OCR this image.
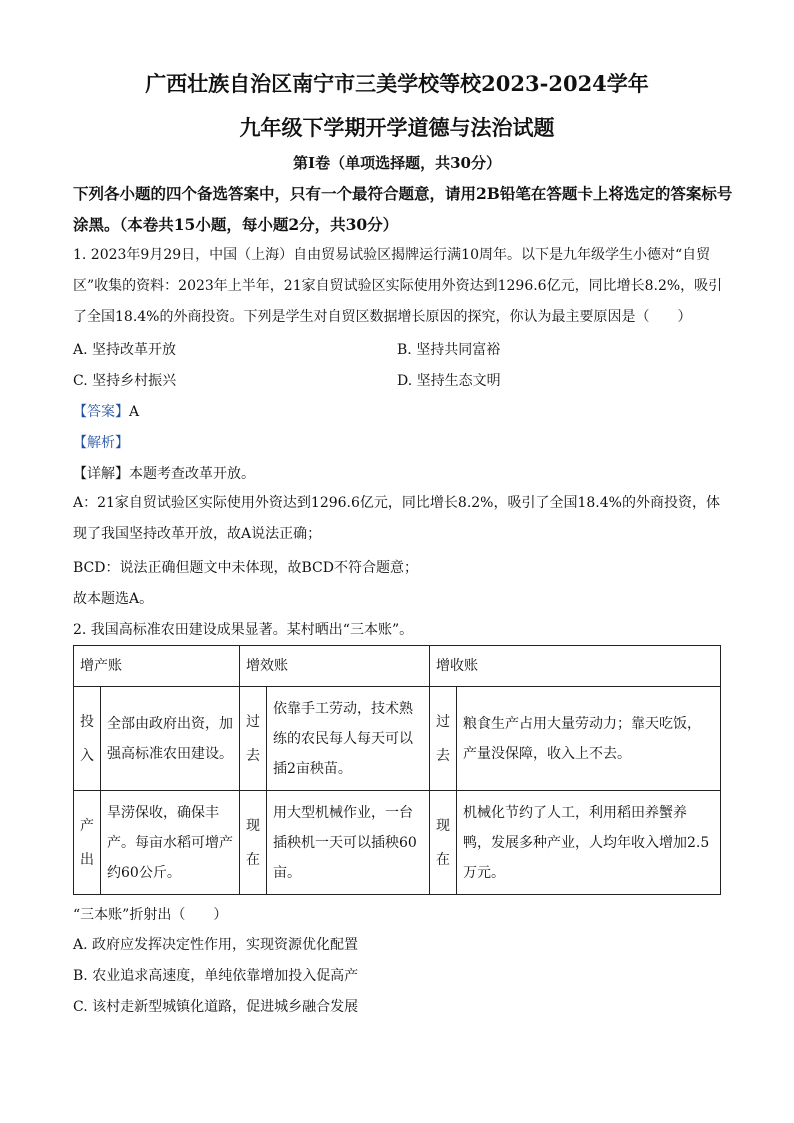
广西壮族自治区南宁市三美学校等校2023-2024学年
九年级下学期开学道德与法治试题
第Ⅰ卷（单项选择题，共30分）
下列各小题的四个备选答案中，只有一个最符合题意，请用2B铅笔在答题卡上将选定的答案标号涂黑。（本卷共15小题，每小题2分，共30分）
1. 2023年9月29日，中国（上海）自由贸易试验区揭牌运行满10周年。以下是九年级学生小德对“自贸区”收集的资料：2023年上半年，21家自贸试验区实际使用外资达到1296.6亿元，同比增长8.2%，吸引了全国18.4%的外商投资。下列是学生对自贸区数据增长原因的探究，你认为最主要原因是（　　）
A. 坚持改革开放	B. 坚持共同富裕
C. 坚持乡村振兴	D. 坚持生态文明
【答案】A
【解析】
【详解】本题考查改革开放。
A：21家自贸试验区实际使用外资达到1296.6亿元，同比增长8.2%，吸引了全国18.4%的外商投资，体现了我国坚持改革开放，故A说法正确；
BCD：说法正确但题文中未体现，故BCD不符合题意；
故本题选A。
2. 我国高标准农田建设成果显著。某村晒出“三本账”。
增产账		增效账		增收账	
投入	全部由政府出资，加强高标准农田建设。	过去	依靠手工劳动，技术熟练的农民每人每天可以插2亩秧苗。	过去	粮食生产占用大量劳动力；靠天吃饭，产量没保障，收入上不去。
产出	旱涝保收，确保丰产。每亩水稻可增产约60公斤。	现在	用大型机械作业，一台插秧机一天可以插秧60亩。	现在	机械化节约了人工，利用稻田养蟹养鸭，发展多种产业，人均年收入增加2.5万元。
“三本账”折射出（　　）
A. 政府应发挥决定性作用，实现资源优化配置
B. 农业追求高速度，单纯依靠增加投入促高产
C. 该村走新型城镇化道路，促进城乡融合发展
